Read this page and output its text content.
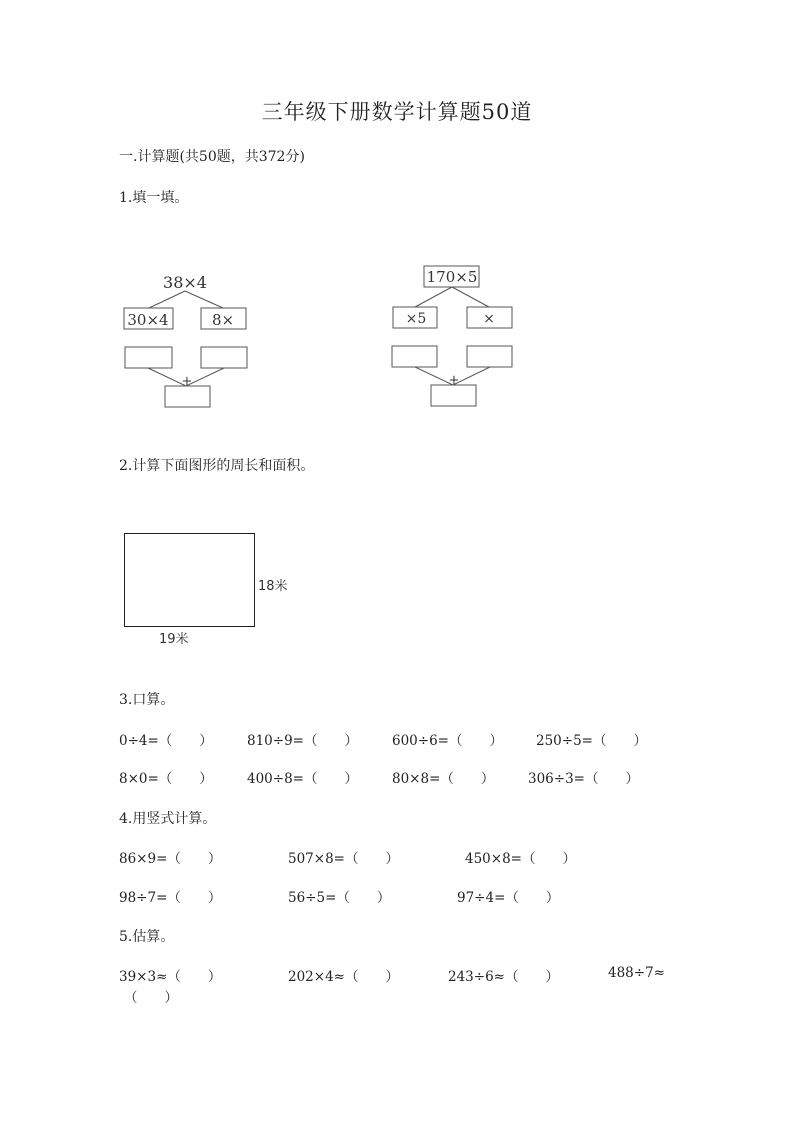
三年级下册数学计算题50道
一.计算题(共50题，共372分)
1.填一填。
38×4
30×4	8×
+
170×5
×5	×
+
2.计算下面图形的周长和面积。
18米
19米
3.口算。
0÷4=（　　）	810÷9=（　　）	600÷6=（　　） 250÷5=（　　）
8×0=（　　）	400÷8=（　　）	80×8=（　　） 306÷3=（　　）
4.用竖式计算。
86×9=（　　）	507×8=（　　）	450×8=（　　）
98÷7=（　　）	56÷5=（　　）	97÷4=（　　）
5.估算。
39×3≈（　　）	202×4≈（　　）	243÷6≈（　　）	488÷7≈
（　　）
